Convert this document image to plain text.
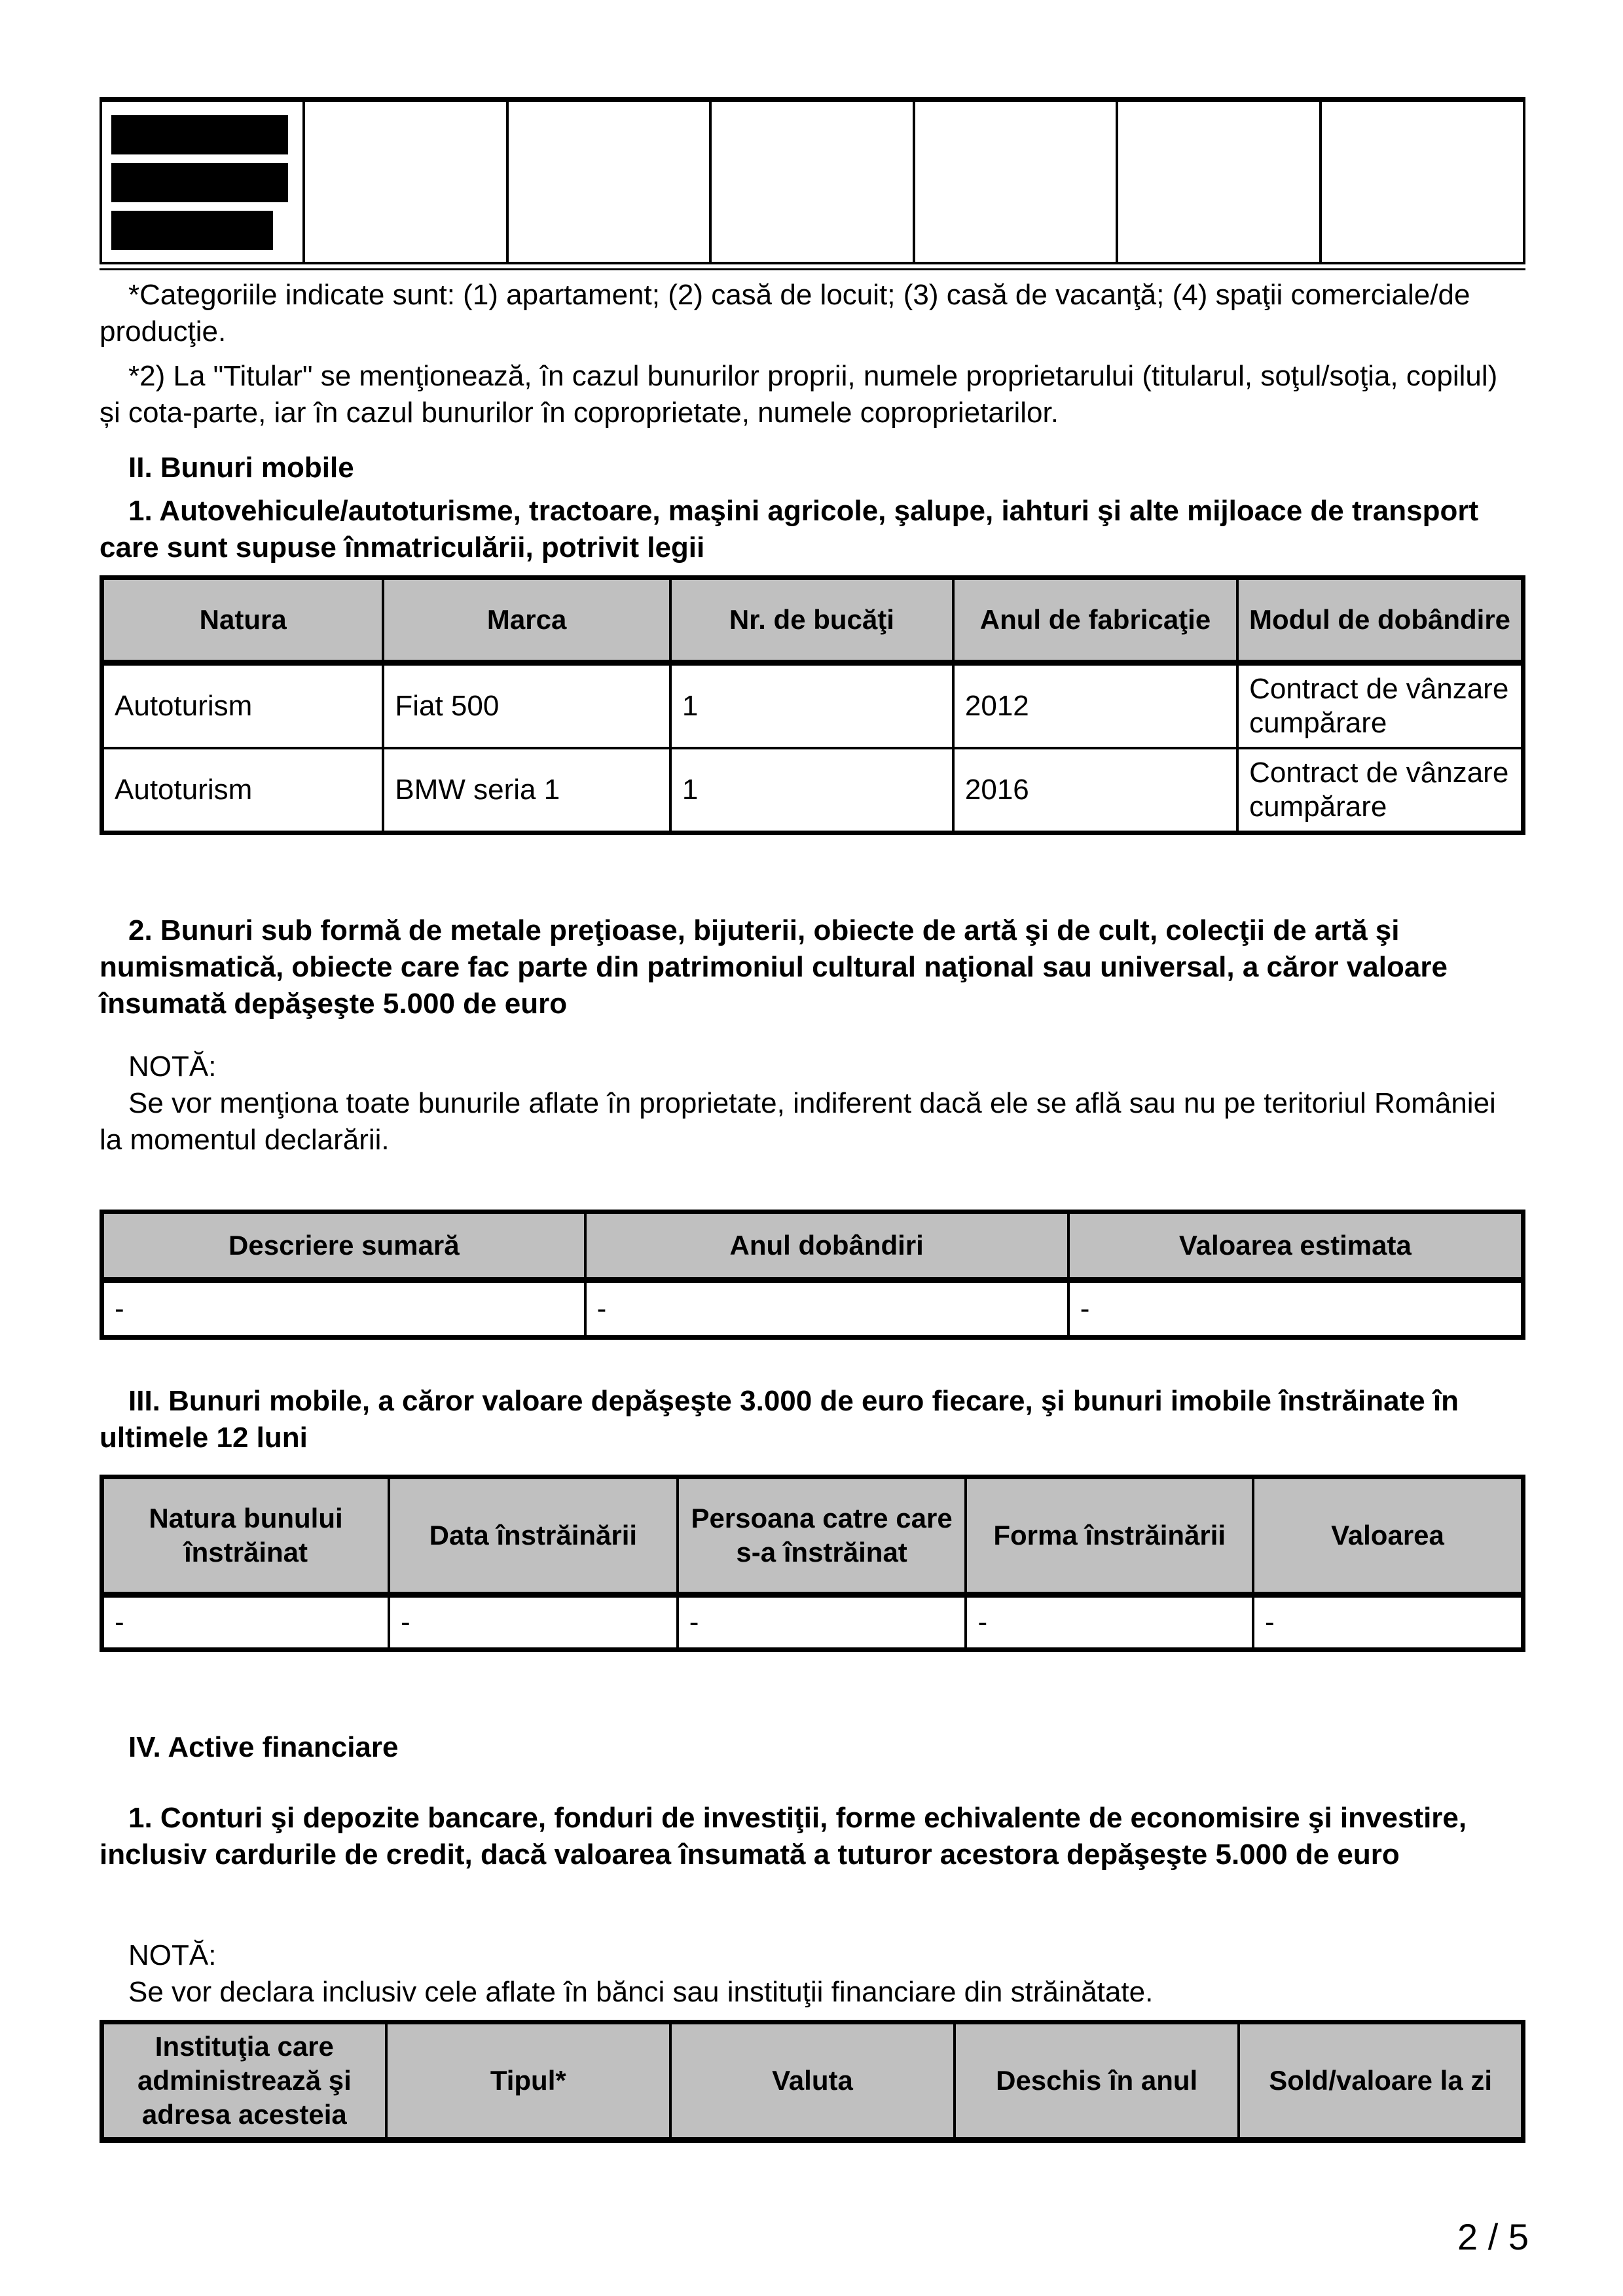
*Categoriile indicate sunt: (1) apartament; (2) casă de locuit; (3) casă de vacanţă; (4) spaţii comerciale/de producţie.

*2) La "Titular" se menţionează, în cazul bunurilor proprii, numele proprietarului (titularul, soţul/soţia, copilul) și cota-parte, iar în cazul bunurilor în coproprietate, numele coproprietarilor.

II. Bunuri mobile

1. Autovehicule/autoturisme, tractoare, maşini agricole, şalupe, iahturi şi alte mijloace de transport care sunt supuse înmatriculării, potrivit legii

Natura	Marca	Nr. de bucăţi	Anul de fabricaţie	Modul de dobândire
Autoturism	Fiat 500	1	2012	Contract de vânzare cumpărare
Autoturism	BMW seria 1	1	2016	Contract de vânzare cumpărare

2. Bunuri sub formă de metale preţioase, bijuterii, obiecte de artă şi de cult, colecţii de artă şi numismatică, obiecte care fac parte din patrimoniul cultural naţional sau universal, a căror valoare însumată depăşeşte 5.000 de euro

NOTĂ:

Se vor menţiona toate bunurile aflate în proprietate, indiferent dacă ele se află sau nu pe teritoriul României la momentul declarării.

Descriere sumară	Anul dobândiri	Valoarea estimata
-	-	-

III. Bunuri mobile, a căror valoare depăşeşte 3.000 de euro fiecare, şi bunuri imobile înstrăinate în ultimele 12 luni

Natura bunului înstrăinat	Data înstrăinării	Persoana catre care s-a înstrăinat	Forma înstrăinării	Valoarea
-	-	-	-	-

IV. Active financiare

1. Conturi şi depozite bancare, fonduri de investiţii, forme echivalente de economisire şi investire, inclusiv cardurile de credit, dacă valoarea însumată a tuturor acestora depăşeşte 5.000 de euro

NOTĂ:

Se vor declara inclusiv cele aflate în bănci sau instituţii financiare din străinătate.

Instituţia care administrează şi adresa acesteia	Tipul*	Valuta	Deschis în anul	Sold/valoare la zi
2 / 5
